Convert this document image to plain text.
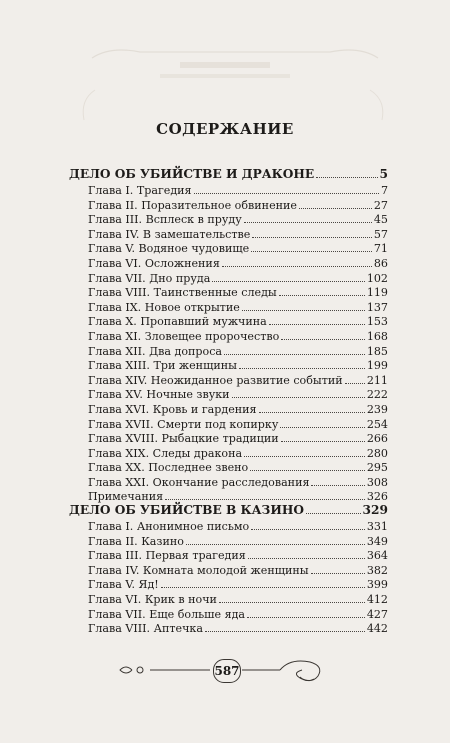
СОДЕРЖАНИЕ
ДЕЛО ОБ УБИЙСТВЕ И ДРАКОНЕ	5
Глава I. Трагедия	7
Глава II. Поразительное обвинение	27
Глава III. Всплеск в пруду	45
Глава IV. В замешательстве	57
Глава V. Водяное чудовище	71
Глава VI. Осложнения	86
Глава VII. Дно пруда	102
Глава VIII. Таинственные следы	119
Глава IX. Новое открытие	137
Глава X. Пропавший мужчина	153
Глава XI. Зловещее пророчество	168
Глава XII. Два допроса	185
Глава XIII. Три женщины	199
Глава XIV. Неожиданное развитие событий 211
Глава XV. Ночные звуки	222
Глава XVI. Кровь и гардения	239
Глава XVII. Смерти под копирку	254
Глава XVIII. Рыбацкие традиции	266
Глава XIX. Следы дракона	280
Глава XX. Последнее звено	295
Глава XXI. Окончание расследования	308
Примечания	326
ДЕЛО ОБ УБИЙСТВЕ В КАЗИНО	329
Глава I. Анонимное письмо	331
Глава II. Казино	349
Глава III. Первая трагедия	364
Глава IV. Комната молодой женщины	382
Глава V. Яд!	399
Глава VI. Крик в ночи	412
Глава VII. Еще больше яда	427
Глава VIII. Аптечка	442
587
